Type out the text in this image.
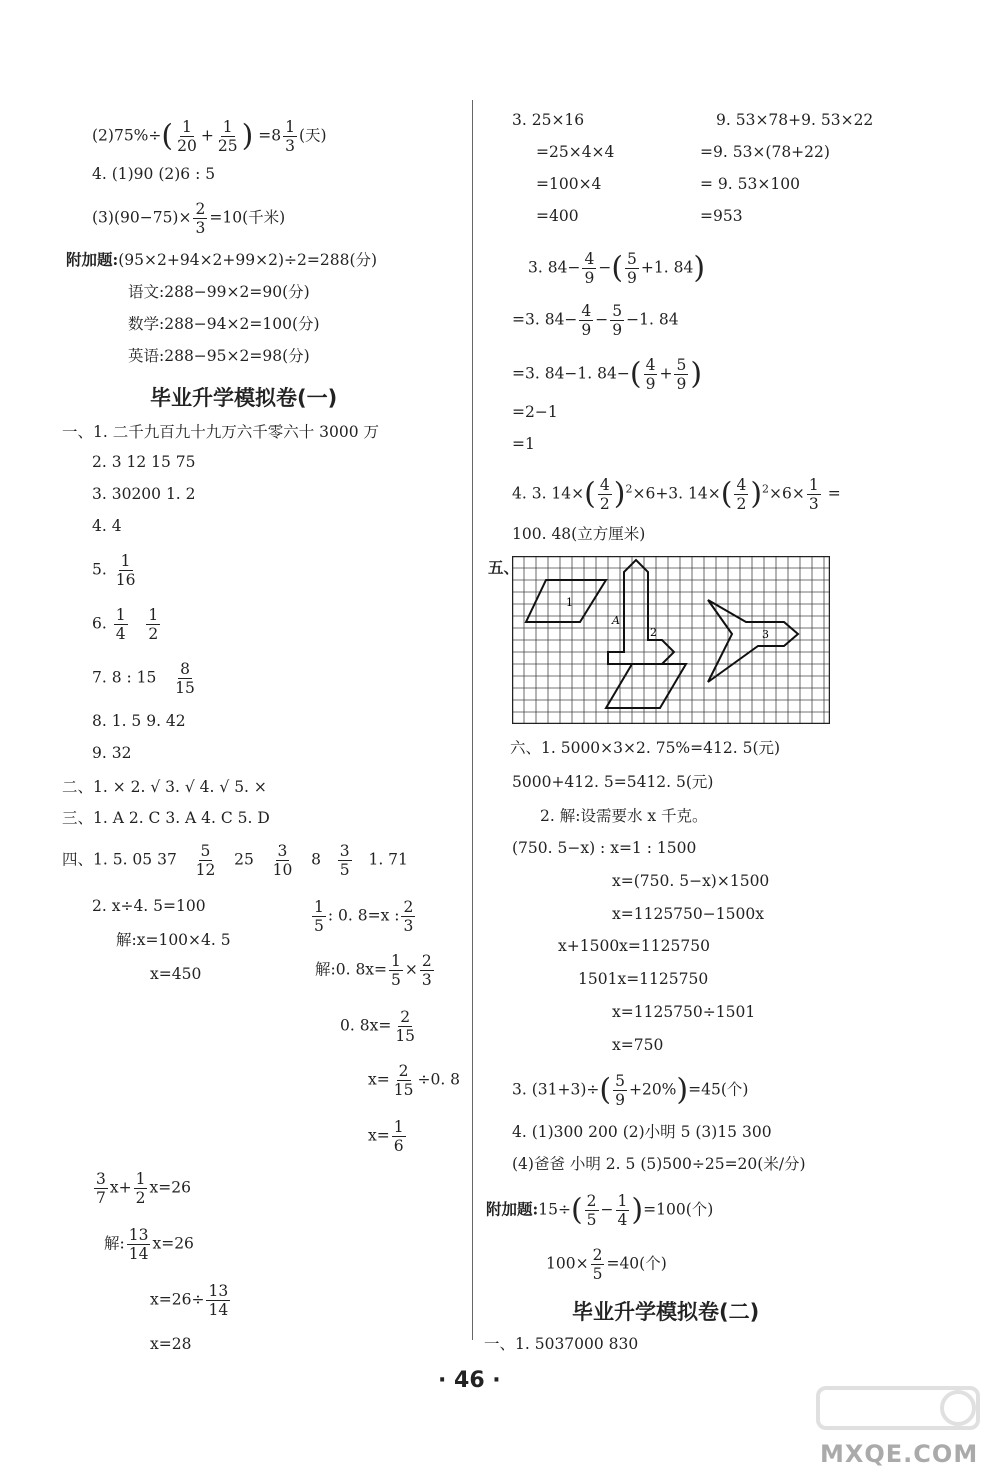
$(2)75\%\div( \frac{1}{20} + \frac{1}{25}$ ) $=8 \frac{1}{3}$ (天)
4. (1)90 (2)6 : 5
$(3)(90-75)\times \frac{2}{3} =10$(千米)
附加题:(95×2+94×2+99×2)÷2=288(分)
语文:288−99×2=90(分)
数学:288−94×2=100(分)
英语:288−95×2=98(分)
毕业升学模拟卷(一)
一、1. 二千九百九十九万六千零六十 3000 万
2. 3 12 15 75
3. 30200 1. 2
4. 4
5. $\frac{1}{16}$
6. $\frac{1}{4}$
$\frac{1}{2}$
7. 8 : $15 \frac{8}{15}$
8. 1. 5 9. 42
9. 32
二、1. × 2. √ 3. √ 4. √ 5. ×
三、1. A 2. C 3. A 4. C 5. D
四、1. 5. 05 $37 \frac{5}{12} 25 \frac{3}{10} 8 \frac{3}{5} 1$. 71
2. x÷4. 5=100
解:x=100×4. 5
x=450
$\frac{1}{5}$ : 0. 8=x : $\frac{2}{3}$
解:0. $8x= \frac{1}{5} \times \frac{2}{3}$
0. $8x= \frac{2}{15}$
$x= \frac{2}{15} \div 0$. 8
$x= \frac{1}{6}$
$\frac{3}{7} x+ \frac{1}{2} x=26$
解: $\frac{13}{14} x=26$
$x=26\div \frac{13}{14}$
x=28
3. 25×16
=25×4×4
=100×4
=400
9. 53×78+9. 53×22
=9. 53×(78+22)
= 9. 53×100
=953
3. $84- \frac{4}{9}$ −( $\frac{5}{9} +1$. 84)
=3. $84- \frac{4}{9} - \frac{5}{9} -1$. 84
=3. 84−1. $84-( \frac{4}{9} + \frac{5}{9}$ )
=2−1
=1
4. 3. $14\times( \frac{4}{2} )^2\times 6+3$. $14\times( \frac{4}{2} )^2\times 6\times \frac{1}{3}$ =
100. 48(立方厘米)
五、
1
A
2	3
六、1. 5000×3×2. 75%=412. 5(元)
5000+412. 5=5412. 5(元)
2. 解:设需要水 x 千克。
(750. 5−x) : x=1 : 1500
x=(750. 5−x)×1500
x=1125750−1500x
x+1500x=1125750
1501x=1125750
x=1125750÷1501
x=750
3. $(31+3)\div( \frac{5}{9} +20\%)=45$(个)
4. (1)300 200 (2)小明 5 (3)15 300
(4)爸爸 小明 2. 5 (5)500÷25=20(米/分)
附加题:15÷( $\frac{2}{5} - \frac{1}{4} )=100$(个)
$100\times \frac{2}{5} =40$(个)
毕业升学模拟卷(二)
一、1. 5037000 830
· 46 ·
MXQE.COM
